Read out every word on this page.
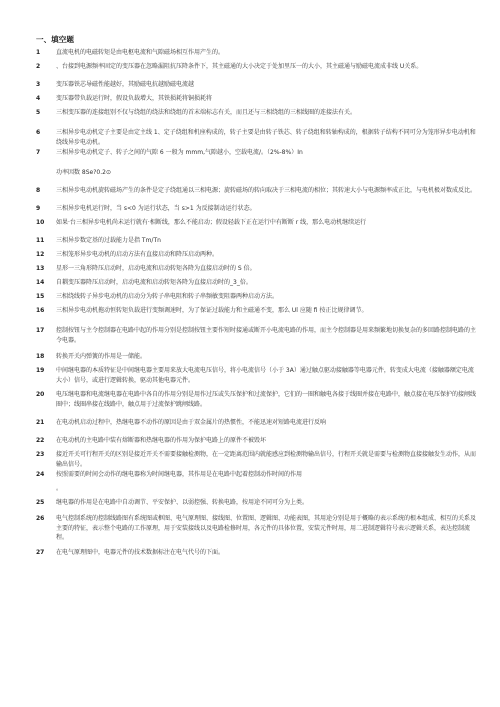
一、填空题
1	直流电机的电磁转矩是由电枢电流和气隙磁场相互作用产生的。
2	、台接到电源频率固定的变压器在忽略漏阻抗压降条件下，其主磁通的大小决定于处加里压一的大小，其主磁通与励磁电流成非线 U关系。
3	变压器铁芯导磁性能越好，其励磁电抗越励磁电流越
4	变压器带负载运行时，假设负载增大，其铁损耗将铜损耗将
5	三相变压器的连接组别不仅与绕组的绕法和绕组的首末端标志有关，而且还与三相绕组的三相线圈的连接法有关。
6	三相异步电动机定子主要是由定主线 1、定子绕组和机座构成的，转子主要是由转子铁芯、转子绕组和转轴构成的，根据转子结构不同可分为笼形异步电动机和绕线异步电动机。
7	三相异步电动机定子、转子之间的气隙 6 一般为 mmm,气隙越小，空载电流/。（2%-8%）In
功率因数 8Se?0.2⊙
8	三相异步电动机旋转磁场产生的条件是定子绕组通以三相电源；旋转磁场的转向取决于三相电流的相位；其转速大小与电源频率成正比，与电机极对数成反比。
9	三相异步电机运行时，当 s<0 为运行状态，当 s>1 为反接制动运行状态。
10	如果·台三相异步电机尚未运行就有·相断线，那么不能启动；假设轻载下正在运行中有断断 r 线，那么电动机继续运行
11	三相异步数定基的过载能力是指 Tm/Tn
12	三相笼形异步电动机的启动方法有直接启动和降压启动两种。
13	星形一三角形降压启动时，启动电流和启动转矩各降为直接启动时的 S 倍。
14	自耦变压器降压启动时，启动电流和启动转矩各降为直接启动时的_3_倍。
15	三相绕线转子异步电动机的启动分为转子串电阻和转子串频敏变阻器两种启动方法。
16	三相异步电动机拖动恒转矩负载进行变频调速时，为了保证过载能力和主磁通不变，那么 Ul 应随 fi 按正比规律调节。
17	控制按钮与主令控制器在电路中起的作用分别是控制按钮主要作短时接通或断开小电流电路的作用，而主令控制器是用来频繁地切换复杂的多回路控制电路的主令电器。
18	转换开关内弹簧的作用是一储能。
19	中间继电器的本质特征是中间继电器主要用来放大电流电压信号，将小电流信号（小于 3A）通过触点驱动接触器等电器元件，转变成大电流（接触器额定电流大小）信号，或进行逻辑转换，驱动其他电器元件。
20	电压继电器和电流继电器在电路中各自的作用分别是用作过压或失压保护和过流保护，它们的一圈和触电各接于线圈并接在电路中，触点接在电压保护的接闸线圈中；线圈串接在线路中，触点用于过流保护跳闸线路。
21	在电动机启动过程中，热继电器不动作的原因是由于双金属片的热惯性，不能迅速对短路电流进行反响
22	在电动机的主电路中装有熔断器和热继电器的作用为保护电路上的原件不被毁坏
23	接近开关可行程开关的区别是接近开关不需要接触检测物，在一定距离范围内就能感应到检测物输出信号，行程开关就是需要与检测物直接接触发生动作，从而输出信号。
24	按照需要的时间会动作的继电器称为时间继电器，其作用是在电路中起着控制动作时间的作用
。
25	继电器的作用是在电路中自动调节、平安保护、以弱控强、转换电路，按用途不同可分为上类。
26	电气控制系统的控制线路图有系统图或框图、电气原理图、接线图、位置图、逻辑图、功能表图，其用途分别是用于概略的表示系统的根本组成、相互的关系及主要的特征，表示整个电路的工作原理，用于安装接线以及电路检修时用，各元件的具体位置，安装元件时用，用二进制逻辑符号表示逻辑关系，表达控制流程。
27	在电气原理图中，电器元件的技术数据标注在电气代号的下面。
